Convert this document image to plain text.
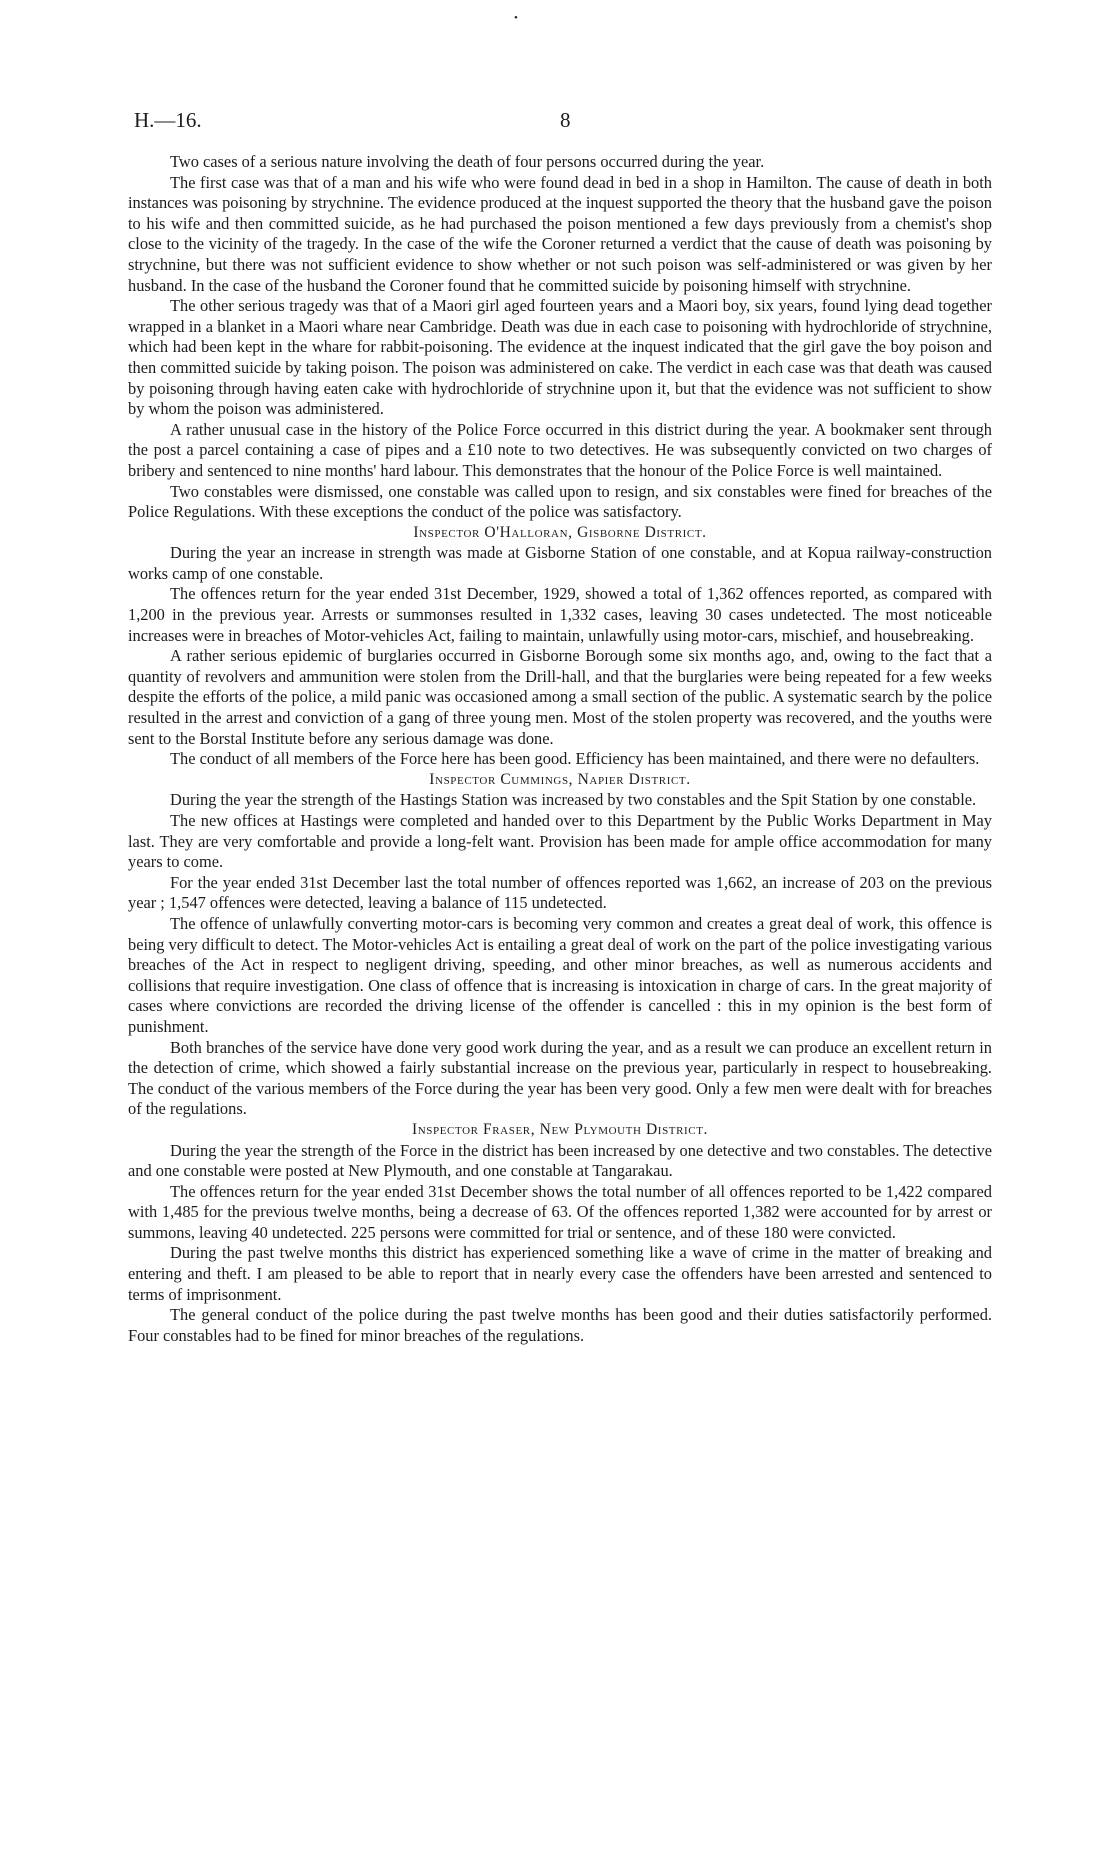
•
H.—16.	8

Two cases of a serious nature involving the death of four persons occurred during the year.

The first case was that of a man and his wife who were found dead in bed in a shop in Hamilton. The cause of death in both instances was poisoning by strychnine. The evidence produced at the inquest supported the theory that the husband gave the poison to his wife and then committed suicide, as he had purchased the poison mentioned a few days previously from a chemist's shop close to the vicinity of the tragedy. In the case of the wife the Coroner returned a verdict that the cause of death was poisoning by strychnine, but there was not sufficient evidence to show whether or not such poison was self-administered or was given by her husband. In the case of the husband the Coroner found that he committed suicide by poisoning himself with strychnine.

The other serious tragedy was that of a Maori girl aged fourteen years and a Maori boy, six years, found lying dead together wrapped in a blanket in a Maori whare near Cambridge. Death was due in each case to poisoning with hydrochloride of strychnine, which had been kept in the whare for rabbit-poisoning. The evidence at the inquest indicated that the girl gave the boy poison and then committed suicide by taking poison. The poison was administered on cake. The verdict in each case was that death was caused by poisoning through having eaten cake with hydrochloride of strychnine upon it, but that the evidence was not sufficient to show by whom the poison was administered.

A rather unusual case in the history of the Police Force occurred in this district during the year. A bookmaker sent through the post a parcel containing a case of pipes and a £10 note to two detectives. He was subsequently convicted on two charges of bribery and sentenced to nine months' hard labour. This demonstrates that the honour of the Police Force is well maintained.

Two constables were dismissed, one constable was called upon to resign, and six constables were fined for breaches of the Police Regulations. With these exceptions the conduct of the police was satisfactory.

Inspector O'Halloran, Gisborne District.

During the year an increase in strength was made at Gisborne Station of one constable, and at Kopua railway-construction works camp of one constable.

The offences return for the year ended 31st December, 1929, showed a total of 1,362 offences reported, as compared with 1,200 in the previous year. Arrests or summonses resulted in 1,332 cases, leaving 30 cases undetected. The most noticeable increases were in breaches of Motor-vehicles Act, failing to maintain, unlawfully using motor-cars, mischief, and housebreaking.

A rather serious epidemic of burglaries occurred in Gisborne Borough some six months ago, and, owing to the fact that a quantity of revolvers and ammunition were stolen from the Drill-hall, and that the burglaries were being repeated for a few weeks despite the efforts of the police, a mild panic was occasioned among a small section of the public. A systematic search by the police resulted in the arrest and conviction of a gang of three young men. Most of the stolen property was recovered, and the youths were sent to the Borstal Institute before any serious damage was done.

The conduct of all members of the Force here has been good. Efficiency has been maintained, and there were no defaulters.

Inspector Cummings, Napier District.

During the year the strength of the Hastings Station was increased by two constables and the Spit Station by one constable.

The new offices at Hastings were completed and handed over to this Department by the Public Works Department in May last. They are very comfortable and provide a long-felt want. Provision has been made for ample office accommodation for many years to come.

For the year ended 31st December last the total number of offences reported was 1,662, an increase of 203 on the previous year ; 1,547 offences were detected, leaving a balance of 115 undetected.

The offence of unlawfully converting motor-cars is becoming very common and creates a great deal of work, this offence is being very difficult to detect. The Motor-vehicles Act is entailing a great deal of work on the part of the police investigating various breaches of the Act in respect to negligent driving, speeding, and other minor breaches, as well as numerous accidents and collisions that require investigation. One class of offence that is increasing is intoxication in charge of cars. In the great majority of cases where convictions are recorded the driving license of the offender is cancelled : this in my opinion is the best form of punishment.

Both branches of the service have done very good work during the year, and as a result we can produce an excellent return in the detection of crime, which showed a fairly substantial increase on the previous year, particularly in respect to housebreaking. The conduct of the various members of the Force during the year has been very good. Only a few men were dealt with for breaches of the regulations.

Inspector Fraser, New Plymouth District.

During the year the strength of the Force in the district has been increased by one detective and two constables. The detective and one constable were posted at New Plymouth, and one constable at Tangarakau.

The offences return for the year ended 31st December shows the total number of all offences reported to be 1,422 compared with 1,485 for the previous twelve months, being a decrease of 63. Of the offences reported 1,382 were accounted for by arrest or summons, leaving 40 undetected. 225 persons were committed for trial or sentence, and of these 180 were convicted.

During the past twelve months this district has experienced something like a wave of crime in the matter of breaking and entering and theft. I am pleased to be able to report that in nearly every case the offenders have been arrested and sentenced to terms of imprisonment.

The general conduct of the police during the past twelve months has been good and their duties satisfactorily performed. Four constables had to be fined for minor breaches of the regulations.
